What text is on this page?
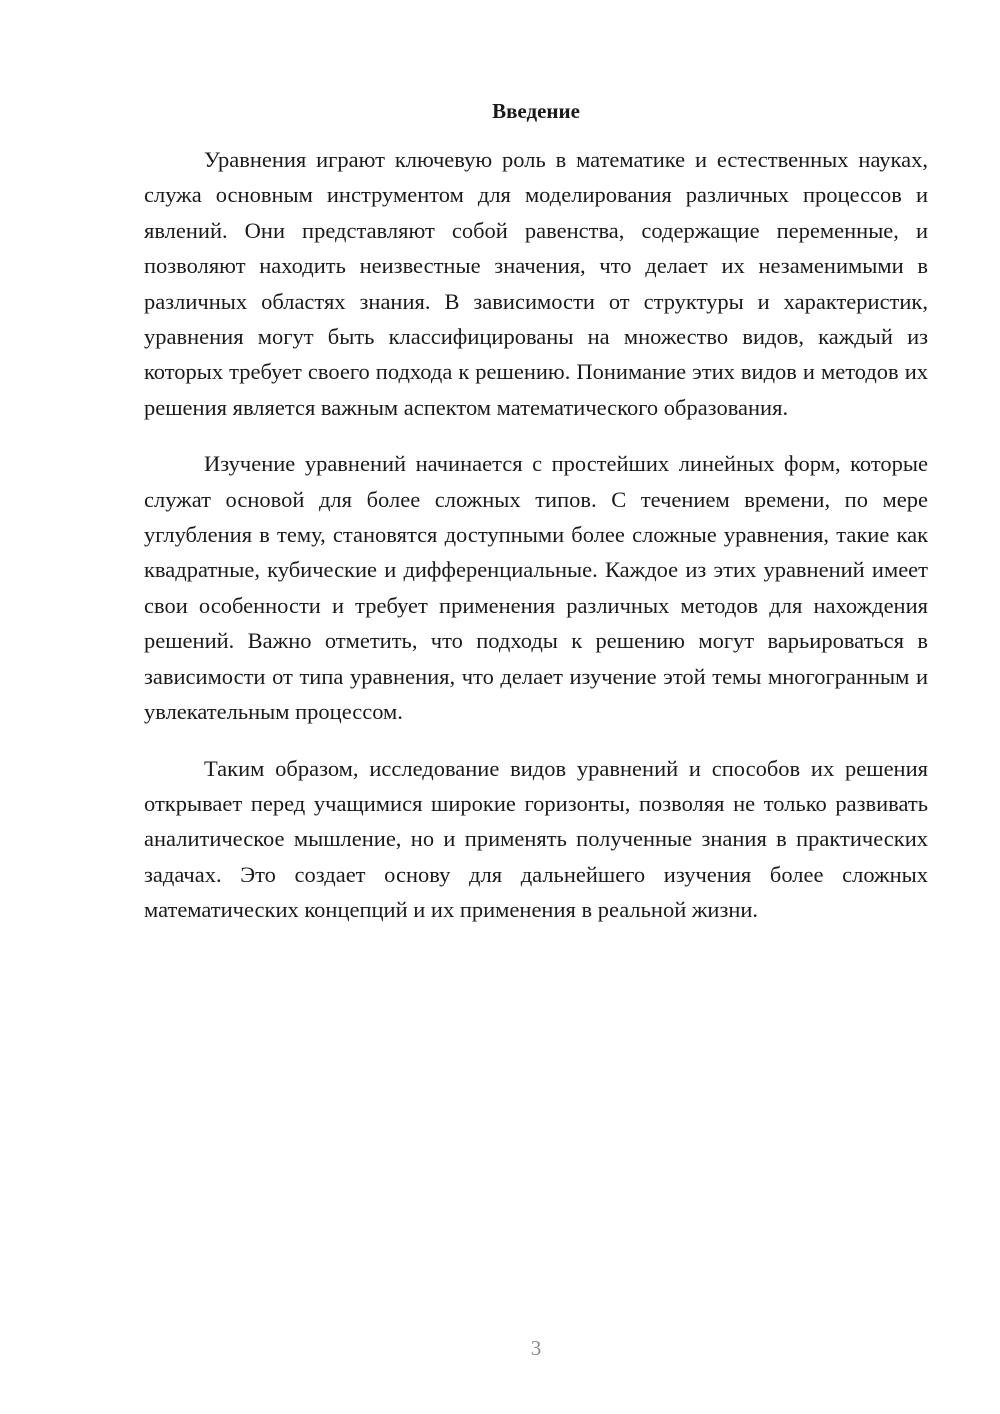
Введение

Уравнения играют ключевую роль в математике и естественных науках, служа основным инструментом для моделирования различных процессов и явлений. Они представляют собой равенства, содержащие переменные, и позволяют находить неизвестные значения, что делает их незаменимыми в различных областях знания. В зависимости от структуры и характеристик, уравнения могут быть классифицированы на множество видов, каждый из которых требует своего подхода к решению. Понимание этих видов и методов их решения является важным аспектом математического образования.

Изучение уравнений начинается с простейших линейных форм, которые служат основой для более сложных типов. С течением времени, по мере углубления в тему, становятся доступными более сложные уравнения, такие как квадратные, кубические и дифференциальные. Каждое из этих уравнений имеет свои особенности и требует применения различных методов для нахождения решений. Важно отметить, что подходы к решению могут варьироваться в зависимости от типа уравнения, что делает изучение этой темы многогранным и увлекательным процессом.

Таким образом, исследование видов уравнений и способов их решения открывает перед учащимися широкие горизонты, позволяя не только развивать аналитическое мышление, но и применять полученные знания в практических задачах. Это создает основу для дальнейшего изучения более сложных математических концепций и их применения в реальной жизни.

3
